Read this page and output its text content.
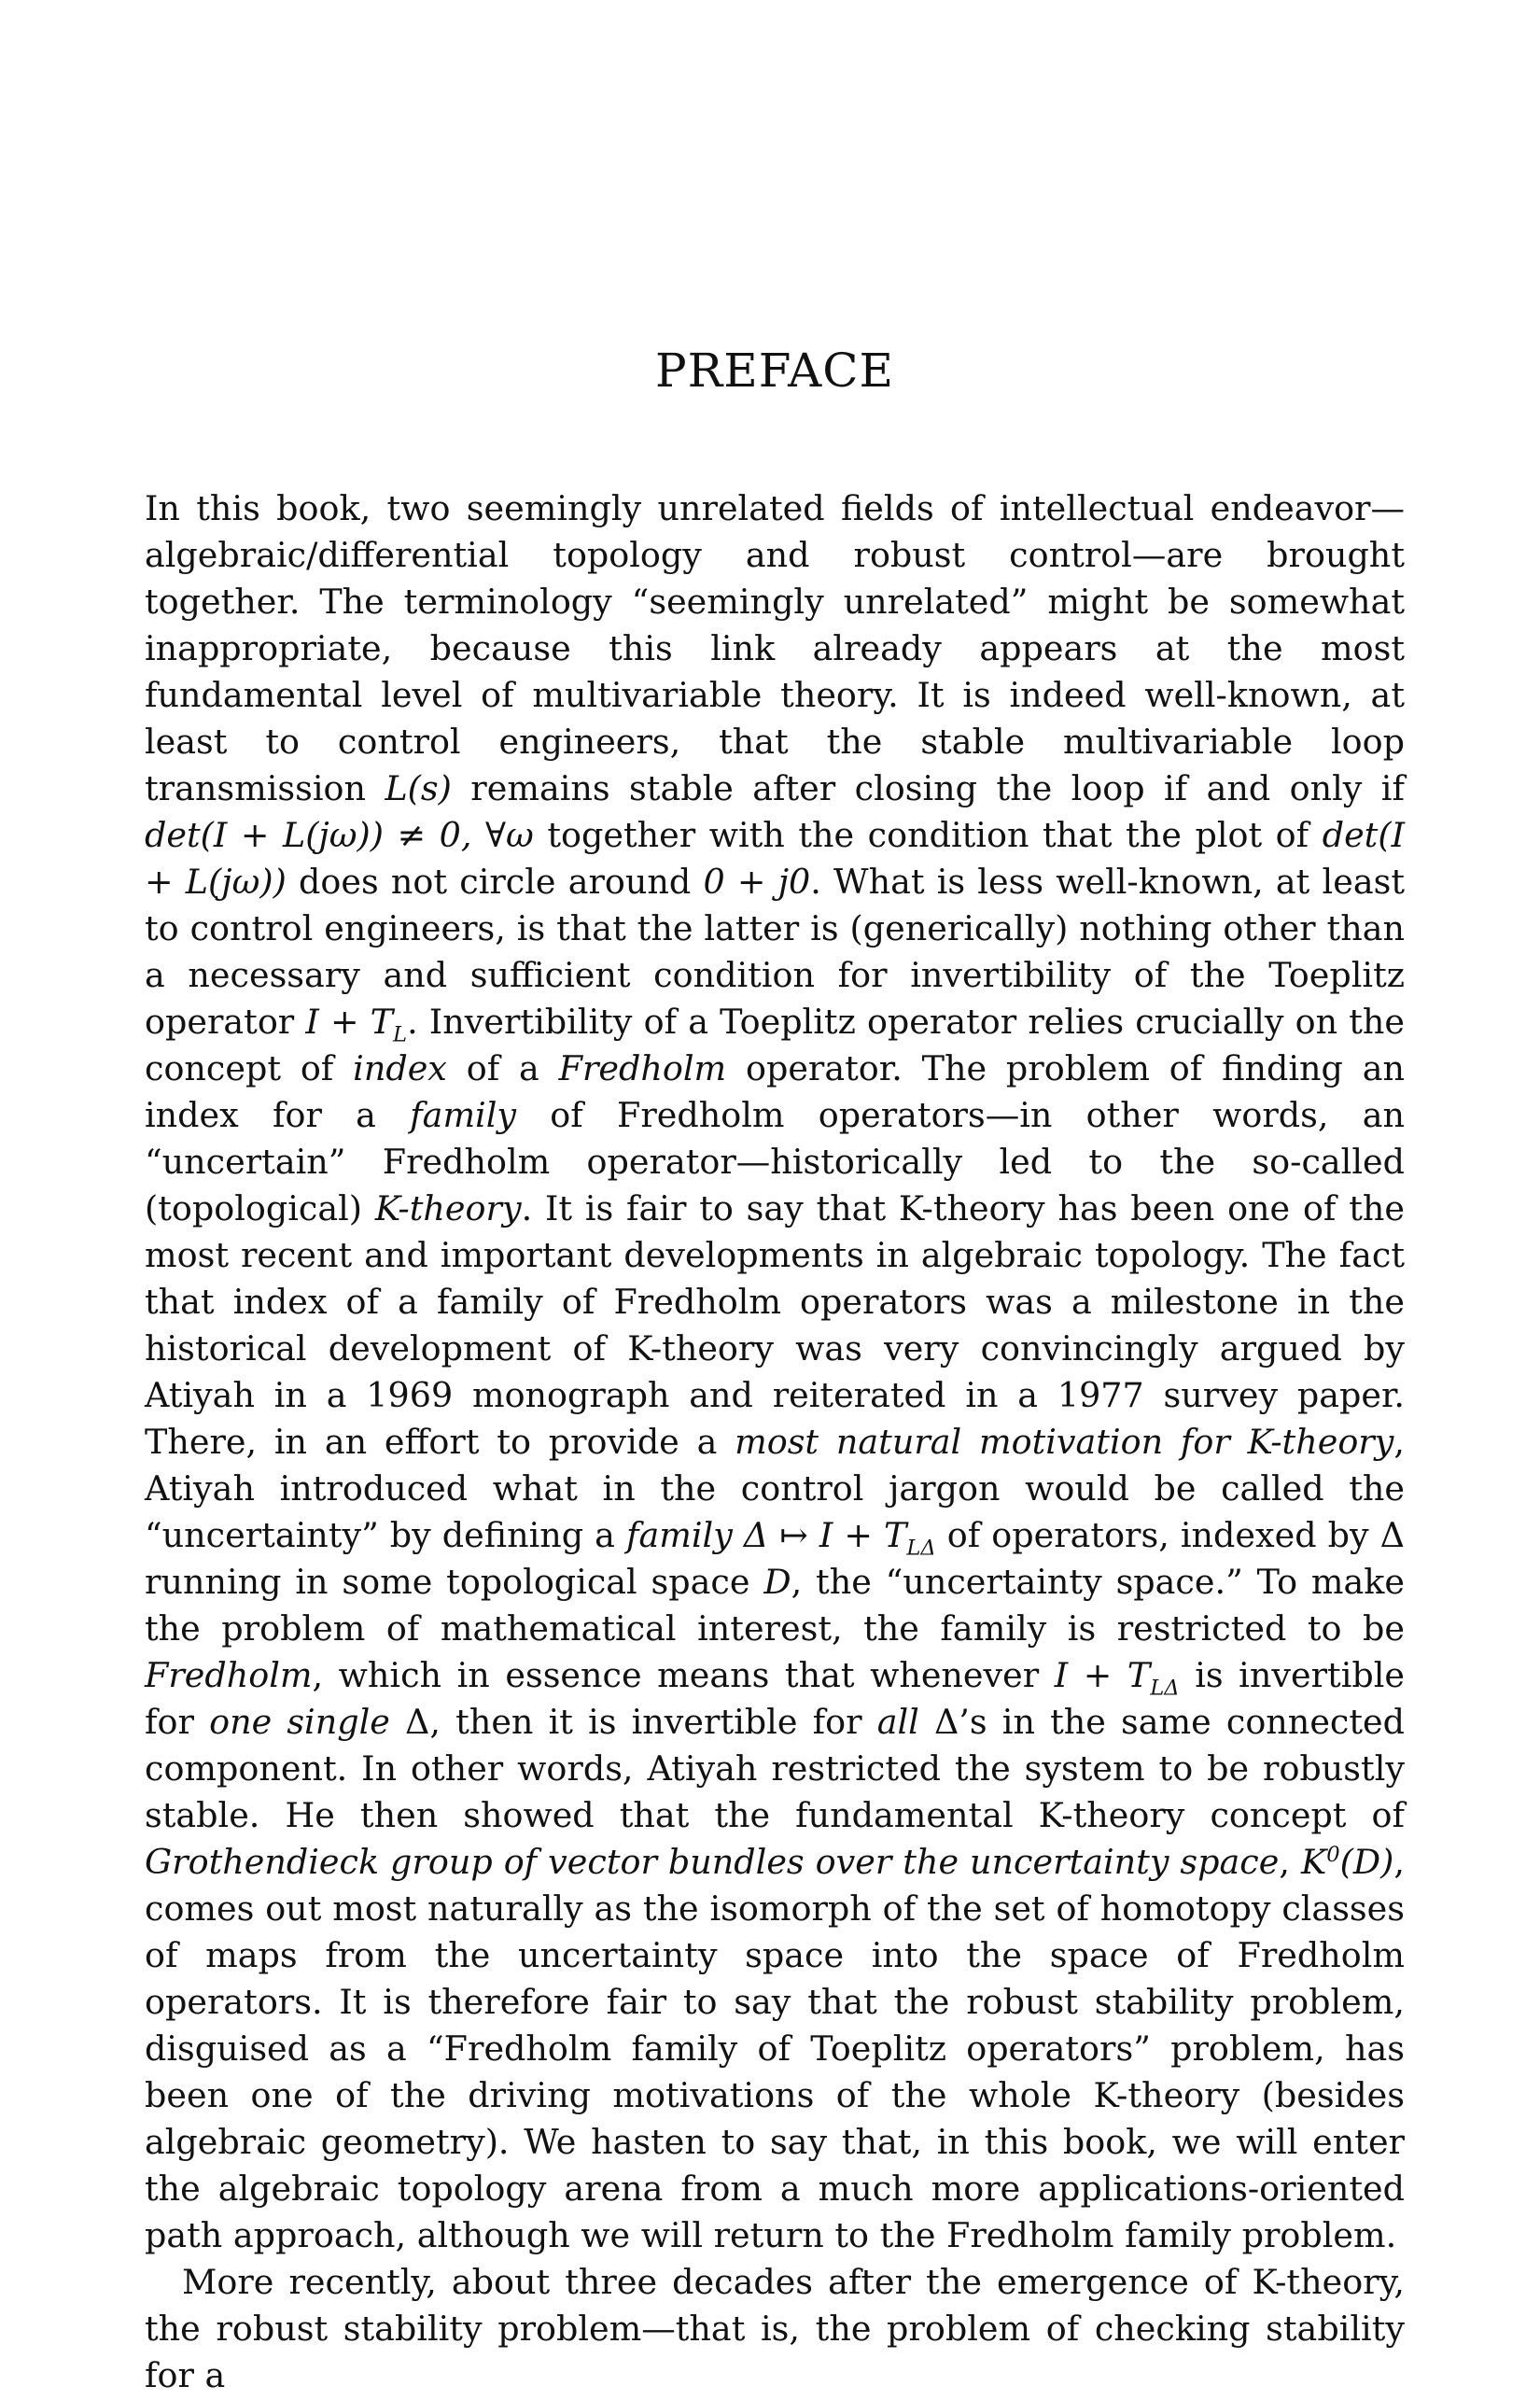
PREFACE

In this book, two seemingly unrelated fields of intellectual endeavor—algebraic/differential topology and robust control—are brought together. The terminology “seemingly unrelated” might be somewhat inappropriate, because this link already appears at the most fundamental level of multivariable theory. It is indeed well-known, at least to control engineers, that the stable multivariable loop transmission L(s) remains stable after closing the loop if and only if det(I + L(jω)) ≠ 0, ∀ω together with the condition that the plot of det(I + L(jω)) does not circle around 0 + j0. What is less well-known, at least to control engineers, is that the latter is (generically) nothing other than a necessary and sufficient condition for invertibility of the Toeplitz operator $I + T_L$. Invertibility of a Toeplitz operator relies crucially on the concept of index of a Fredholm operator. The problem of finding an index for a family of Fredholm operators—in other words, an “uncertain” Fredholm operator—historically led to the so-called (topological) K-theory. It is fair to say that K-theory has been one of the most recent and important developments in algebraic topology. The fact that index of a family of Fredholm operators was a milestone in the historical development of K-theory was very convincingly argued by Atiyah in a 1969 monograph and reiterated in a 1977 survey paper. There, in an effort to provide a most natural motivation for K-theory, Atiyah introduced what in the control jargon would be called the “uncertainty” by defining a family Δ ↦ $I + T_{L\Delta}$ of operators, indexed by Δ running in some topological space D, the “uncertainty space.” To make the problem of mathematical interest, the family is restricted to be Fredholm, which in essence means that whenever $I + T_{L\Delta}$ is invertible for one single Δ, then it is invertible for all Δ’s in the same connected component. In other words, Atiyah restricted the system to be robustly stable. He then showed that the fundamental K-theory concept of Grothendieck group of vector bundles over the uncertainty space, $K^0(D)$, comes out most naturally as the isomorph of the set of homotopy classes of maps from the uncertainty space into the space of Fredholm operators. It is therefore fair to say that the robust stability problem, disguised as a “Fredholm family of Toeplitz operators” problem, has been one of the driving motivations of the whole K-theory (besides algebraic geometry). We hasten to say that, in this book, we will enter the algebraic topology arena from a much more applications-oriented path approach, although we will return to the Fredholm family problem.

More recently, about three decades after the emergence of K-theory, the robust stability problem—that is, the problem of checking stability for a
